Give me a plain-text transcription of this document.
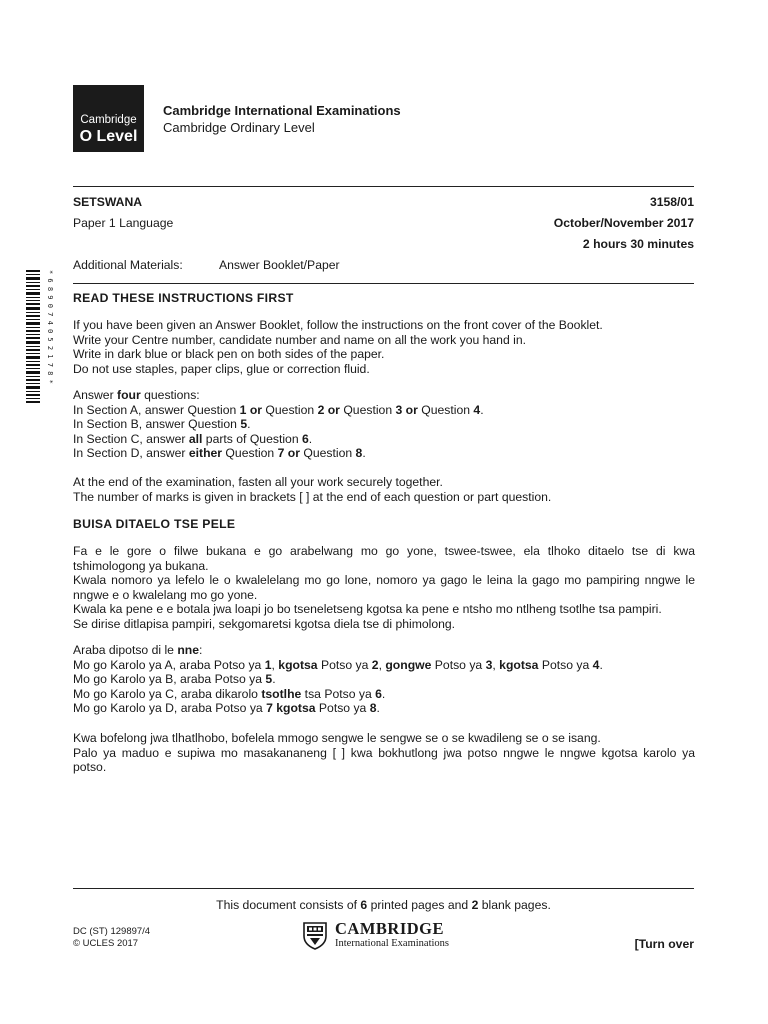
Cambridge
O Level
Cambridge International Examinations
Cambridge Ordinary Level
SETSWANA	3158/01
Paper 1 Language	October/November 2017
2 hours 30 minutes
Additional Materials:	Answer Booklet/Paper
* 6 8 9 0 7 4 0 5 2 1 7 8 * READ THESE INSTRUCTIONS FIRST
If you have been given an Answer Booklet, follow the instructions on the front cover of the Booklet.
Write your Centre number, candidate number and name on all the work you hand in.
Write in dark blue or black pen on both sides of the paper.
Do not use staples, paper clips, glue or correction fluid.
Answer four questions:
In Section A, answer Question 1 or Question 2 or Question 3 or Question 4.
In Section B, answer Question 5.
In Section C, answer all parts of Question 6.
In Section D, answer either Question 7 or Question 8.
At the end of the examination, fasten all your work securely together.
The number of marks is given in brackets [ ] at the end of each question or part question.
BUISA DITAELO TSE PELE
Fa e le gore o filwe bukana e go arabelwang mo go yone, tswee-tswee, ela tlhoko ditaelo tse di kwa
tshimologong ya bukana.
Kwala nomoro ya lefelo le o kwalelelang mo go lone, nomoro ya gago le leina la gago mo pampiring nngwe le
nngwe e o kwalelang mo go yone.
Kwala ka pene e e botala jwa loapi jo bo tseneletseng kgotsa ka pene e ntsho mo ntlheng tsotlhe tsa pampiri.
Se dirise ditlapisa pampiri, sekgomaretsi kgotsa diela tse di phimolong.
Araba dipotso di le nne:
Mo go Karolo ya A, araba Potso ya 1, kgotsa Potso ya 2, gongwe Potso ya 3, kgotsa Potso ya 4.
Mo go Karolo ya B, araba Potso ya 5.
Mo go Karolo ya C, araba dikarolo tsotlhe tsa Potso ya 6.
Mo go Karolo ya D, araba Potso ya 7 kgotsa Potso ya 8.
Kwa bofelong jwa tlhatlhobo, bofelela mmogo sengwe le sengwe se o se kwadileng se o se isang.
Palo ya maduo e supiwa mo masakananeng [ ] kwa bokhutlong jwa potso nngwe le nngwe kgotsa karolo ya
potso.
This document consists of 6 printed pages and 2 blank pages.
DC (ST) 129897/4
© UCLES 2017
CAMBRIDGE
International Examinations	[Turn over
